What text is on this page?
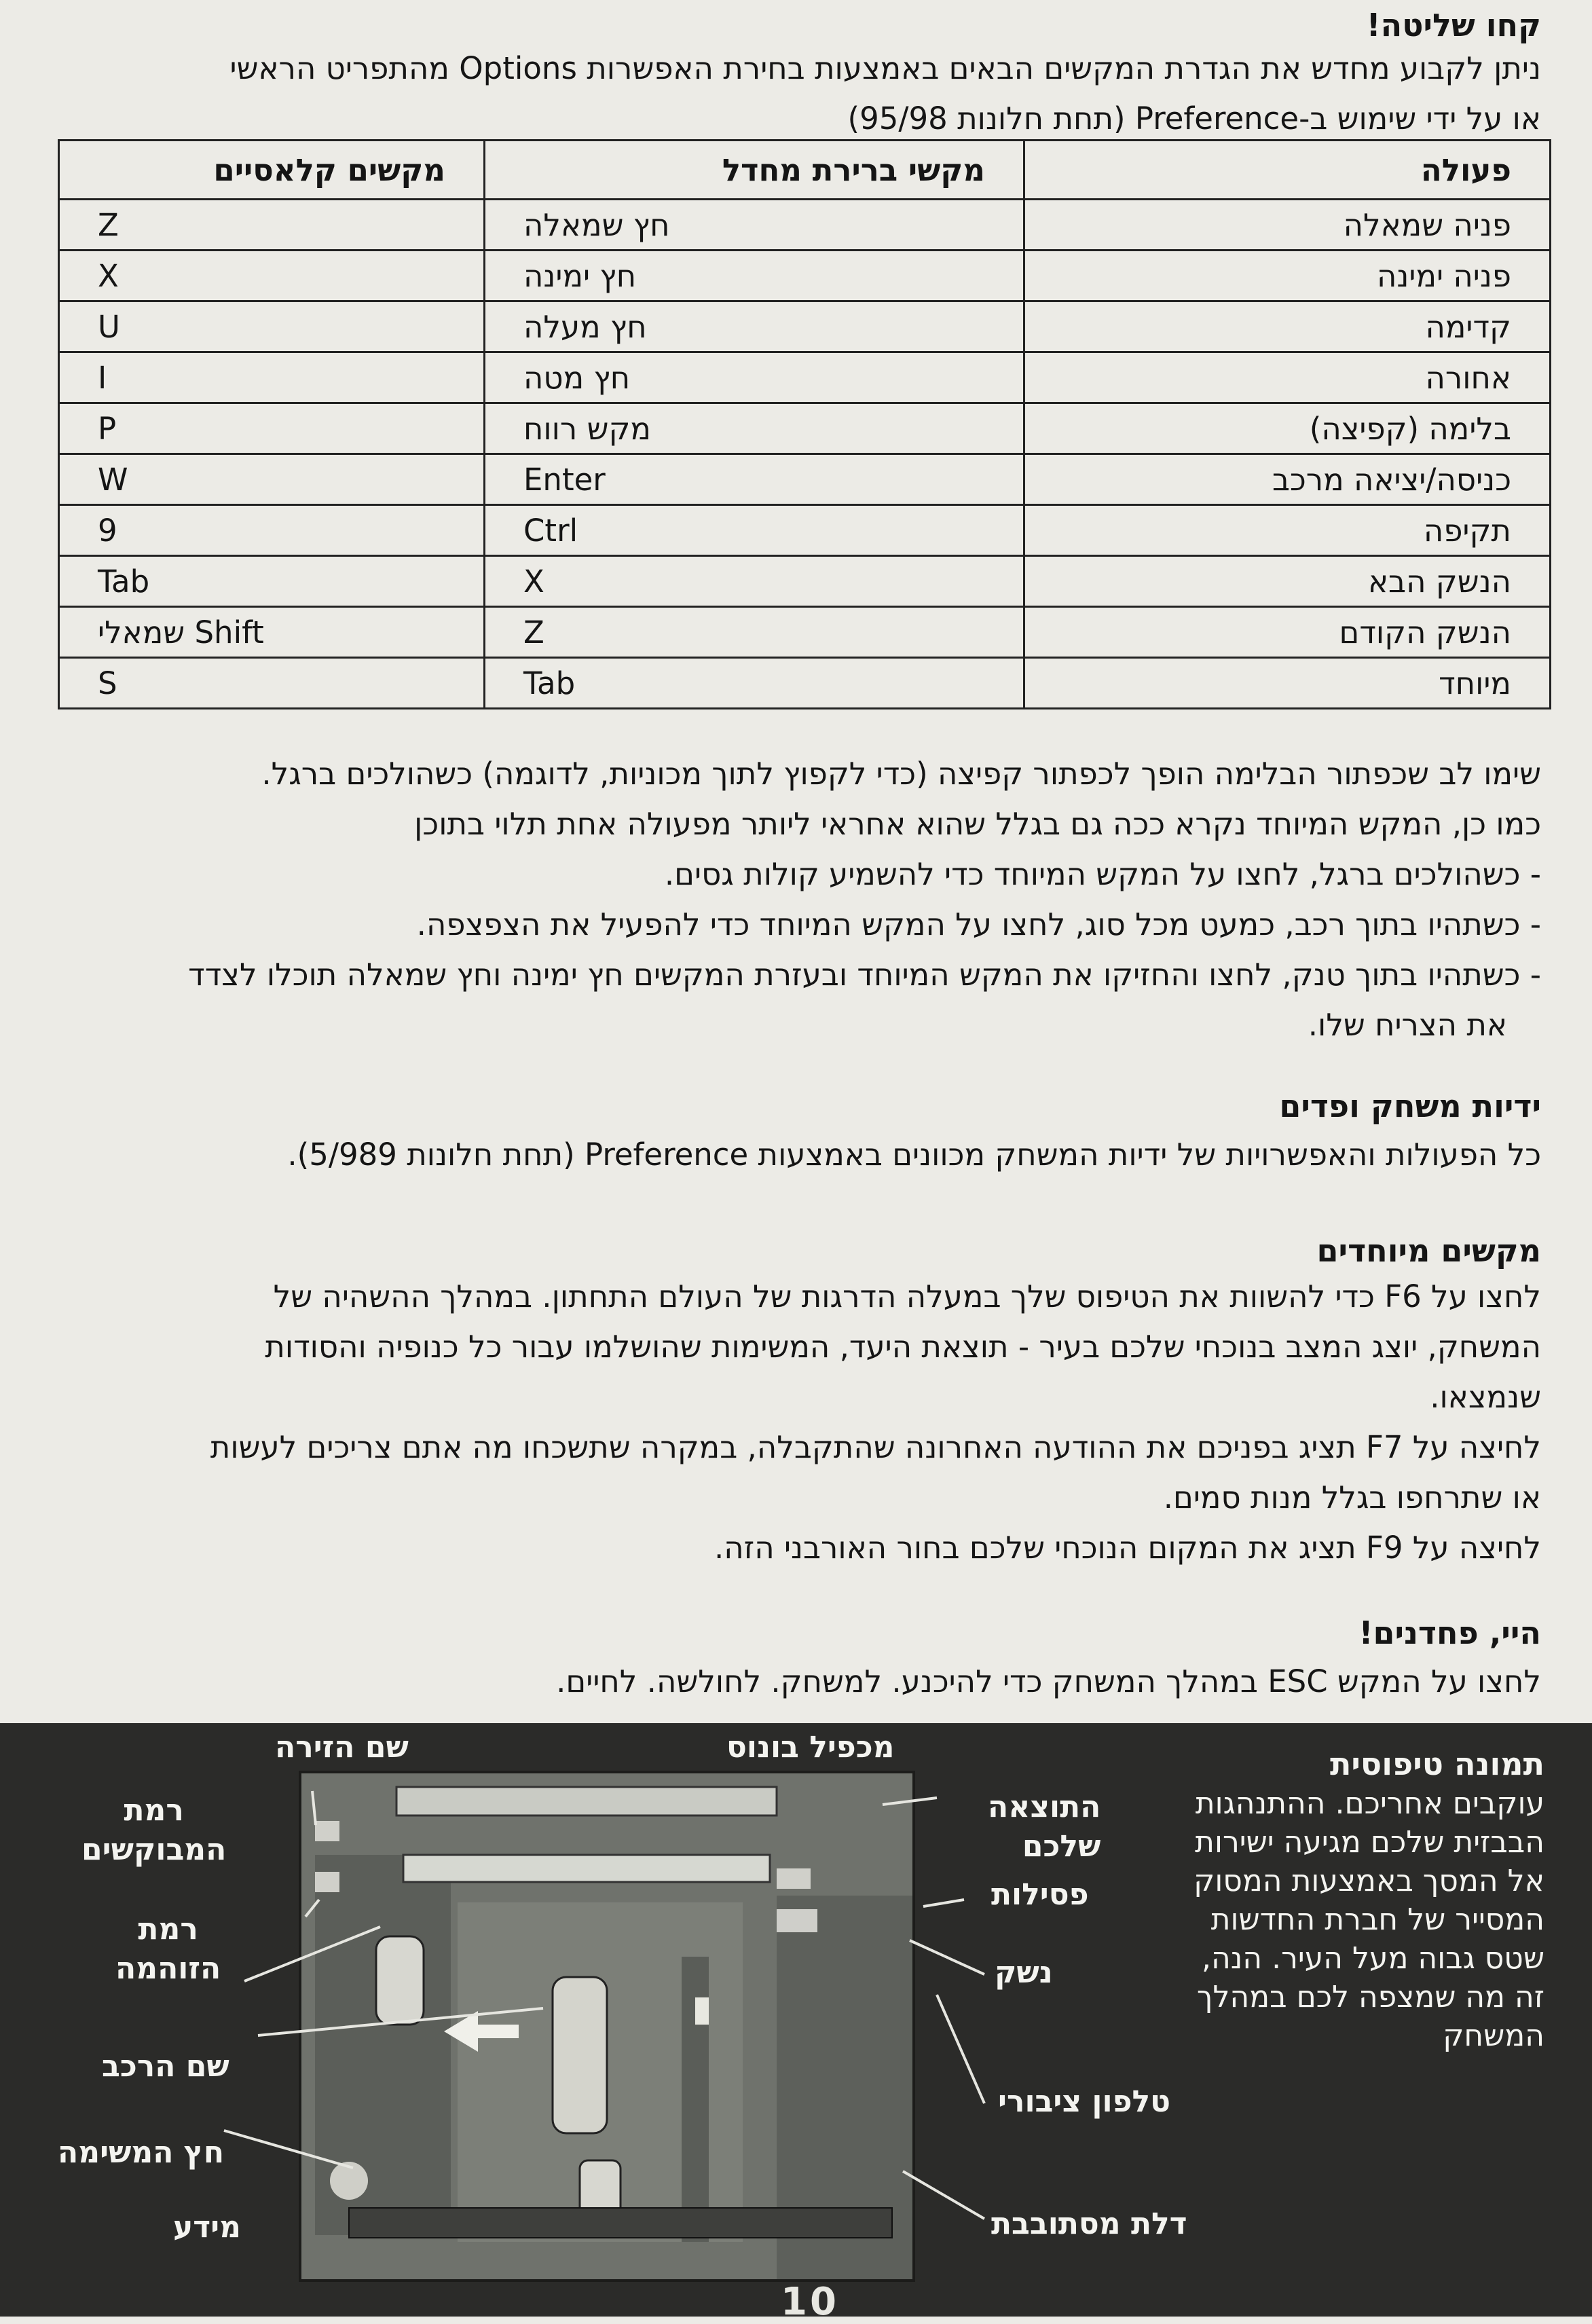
קחו שליטה!

ניתן לקבוע מחדש את הגדרת המקשים הבאים באמצעות בחירת האפשרות Options מהתפריט הראשי

או על ידי שימוש ב-Preference (תחת חלונות 95/98)

פעולה	מקשי ברירת מחדל	מקשים קלאסיים
פניה שמאלה	חץ שמאלה	Z
פניה ימינה	חץ ימינה	X
קדימה	חץ מעלה	U
אחורה	חץ מטה	I
בלימה (קפיצה)	מקש רווח	P
כניסה/יציאה מרכב	Enter	W
תקיפה	Ctrl	9
הנשק הבא	X	Tab
הנשק הקודם	Z	Shift שמאלי
מיוחד	Tab	S

שימו לב שכפתור הבלימה הופך לכפתור קפיצה (כדי לקפוץ לתוך מכוניות, לדוגמה) כשהולכים ברגל.

כמו כן, המקש המיוחד נקרא ככה גם בגלל שהוא אחראי ליותר מפעולה אחת תלוי בתוכן

- כשהולכים ברגל, לחצו על המקש המיוחד כדי להשמיע קולות גסים.

- כשתהיו בתוך רכב, כמעט מכל סוג, לחצו על המקש המיוחד כדי להפעיל את הצפצפה.

- כשתהיו בתוך טנק, לחצו והחזיקו את המקש המיוחד ובעזרת המקשים חץ ימינה וחץ שמאלה תוכלו לצדד

את הצריח שלו.

ידיות משחק ופדים

כל הפעולות והאפשרויות של ידיות המשחק מכוונים באמצעות Preference (תחת חלונות 5/989).

מקשים מיוחדים

לחצו על F6 כדי להשוות את הטיפוס שלך במעלה הדרגות של העולם התחתון. במהלך ההשהיה של

המשחק, יוצג המצב בנוכחי שלכם בעיר - תוצאת היעד, המשימות שהושלמו עבור כל כנופיה והסודות

שנמצאו.

לחיצה על F7 תציג בפניכם את ההודעה האחרונה שהתקבלה, במקרה שתשכחו מה אתם צריכים לעשות

או שתרחפו בגלל מנות סמים.

לחיצה על F9 תציג את המקום הנוכחי שלכם בחור האורבני הזה.

היי, פחדנים!

לחצו על המקש ESC במהלך המשחק כדי להיכנע. למשחק. לחולשה. לחיים.

תמונה טיפוסית
עוקבים אחריכם. ההתנהגות
הבבזית שלכם מגיעה ישירות
אל המסך באמצעות המסוק
המסייר של חברת החדשות
שטס גבוה מעל העיר. הנה,
זה מה שמצפה לכם במהלך
המשחק
שם הזירה	מכפיל בונוס
התוצאה
שלכם
פסילות
נשק
טלפון ציבורי
דלת מסתובבת
רמת
המבוקשים
רמת
הזוהמה
שם הרכב
חץ המשימה
מידע
10
